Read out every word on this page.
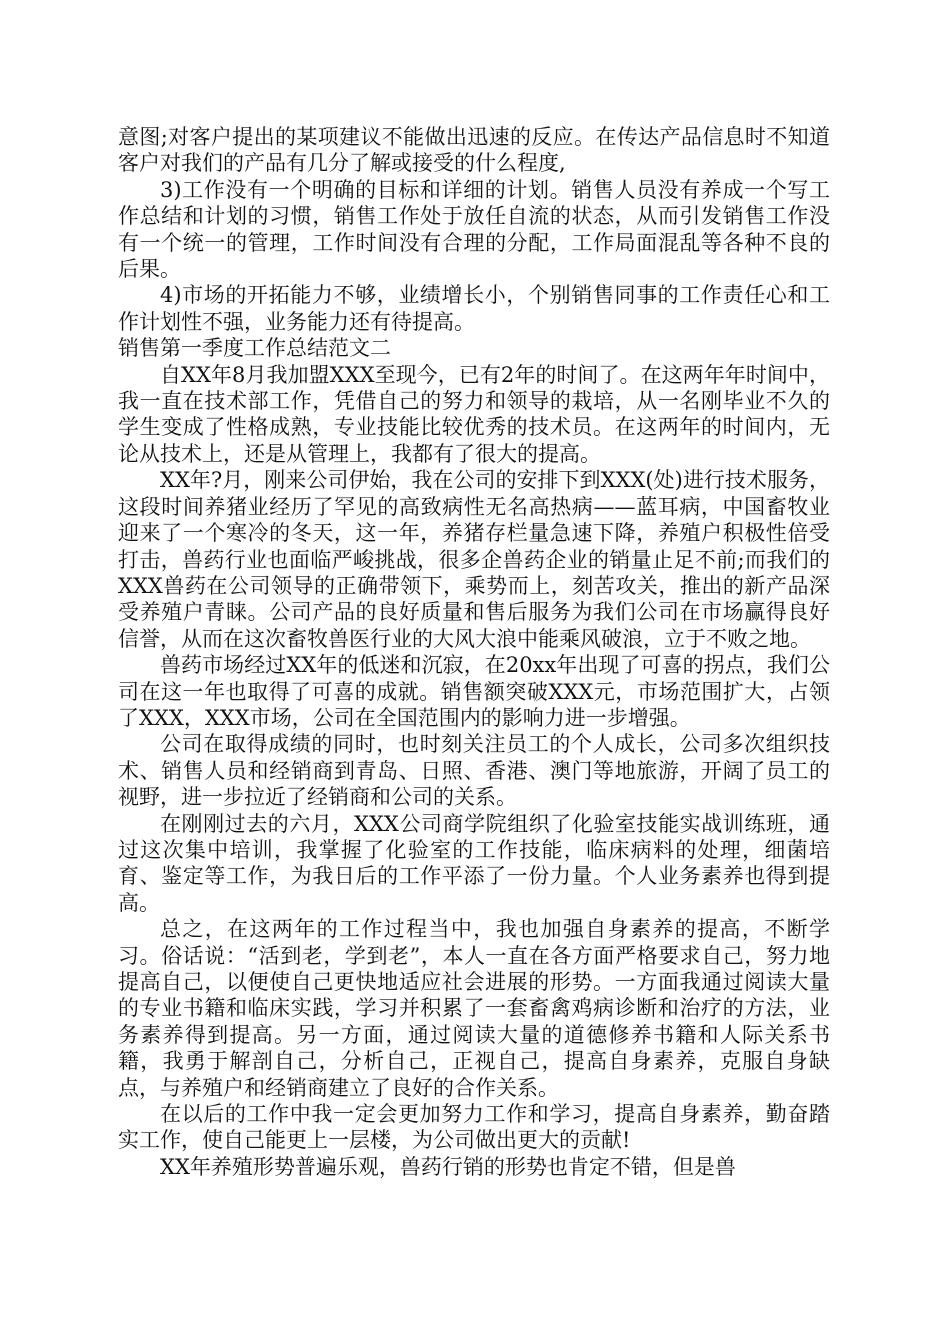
意图;对客户提出的某项建议不能做出迅速的反应。在传达产品信息时不知道客户对我们的产品有几分了解或接受的什么程度,

3)工作没有一个明确的目标和详细的计划。销售人员没有养成一个写工作总结和计划的习惯，销售工作处于放任自流的状态，从而引发销售工作没有一个统一的管理，工作时间没有合理的分配，工作局面混乱等各种不良的后果。

4)市场的开拓能力不够，业绩增长小，个别销售同事的工作责任心和工作计划性不强，业务能力还有待提高。

销售第一季度工作总结范文二

自XX年8月我加盟XXX至现今，已有2年的时间了。在这两年年时间中，我一直在技术部工作，凭借自己的努力和领导的栽培，从一名刚毕业不久的学生变成了性格成熟，专业技能比较优秀的技术员。在这两年的时间内，无论从技术上，还是从管理上，我都有了很大的提高。

XX年?月，刚来公司伊始，我在公司的安排下到XXX(处)进行技术服务，这段时间养猪业经历了罕见的高致病性无名高热病——蓝耳病，中国畜牧业迎来了一个寒冷的冬天，这一年，养猪存栏量急速下降，养殖户积极性倍受打击，兽药行业也面临严峻挑战，很多企兽药企业的销量止足不前;而我们的XXX兽药在公司领导的正确带领下，乘势而上，刻苦攻关，推出的新产品深受养殖户青睐。公司产品的良好质量和售后服务为我们公司在市场赢得良好信誉，从而在这次畜牧兽医行业的大风大浪中能乘风破浪，立于不败之地。

兽药市场经过XX年的低迷和沉寂，在20xx年出现了可喜的拐点，我们公司在这一年也取得了可喜的成就。销售额突破XXX元，市场范围扩大，占领了XXX，XXX市场，公司在全国范围内的影响力进一步增强。

公司在取得成绩的同时，也时刻关注员工的个人成长，公司多次组织技术、销售人员和经销商到青岛、日照、香港、澳门等地旅游，开阔了员工的视野，进一步拉近了经销商和公司的关系。

在刚刚过去的六月，XXX公司商学院组织了化验室技能实战训练班，通过这次集中培训，我掌握了化验室的工作技能，临床病料的处理，细菌培育、鉴定等工作，为我日后的工作平添了一份力量。个人业务素养也得到提高。

总之，在这两年的工作过程当中，我也加强自身素养的提高，不断学习。俗话说：“活到老，学到老”，本人一直在各方面严格要求自己，努力地提高自己，以便使自己更快地适应社会进展的形势。一方面我通过阅读大量的专业书籍和临床实践，学习并积累了一套畜禽鸡病诊断和治疗的方法，业务素养得到提高。另一方面，通过阅读大量的道德修养书籍和人际关系书籍，我勇于解剖自己，分析自己，正视自己，提高自身素养，克服自身缺点，与养殖户和经销商建立了良好的合作关系。

在以后的工作中我一定会更加努力工作和学习，提高自身素养，勤奋踏实工作，使自己能更上一层楼，为公司做出更大的贡献!

XX年养殖形势普遍乐观，兽药行销的形势也肯定不错，但是兽
